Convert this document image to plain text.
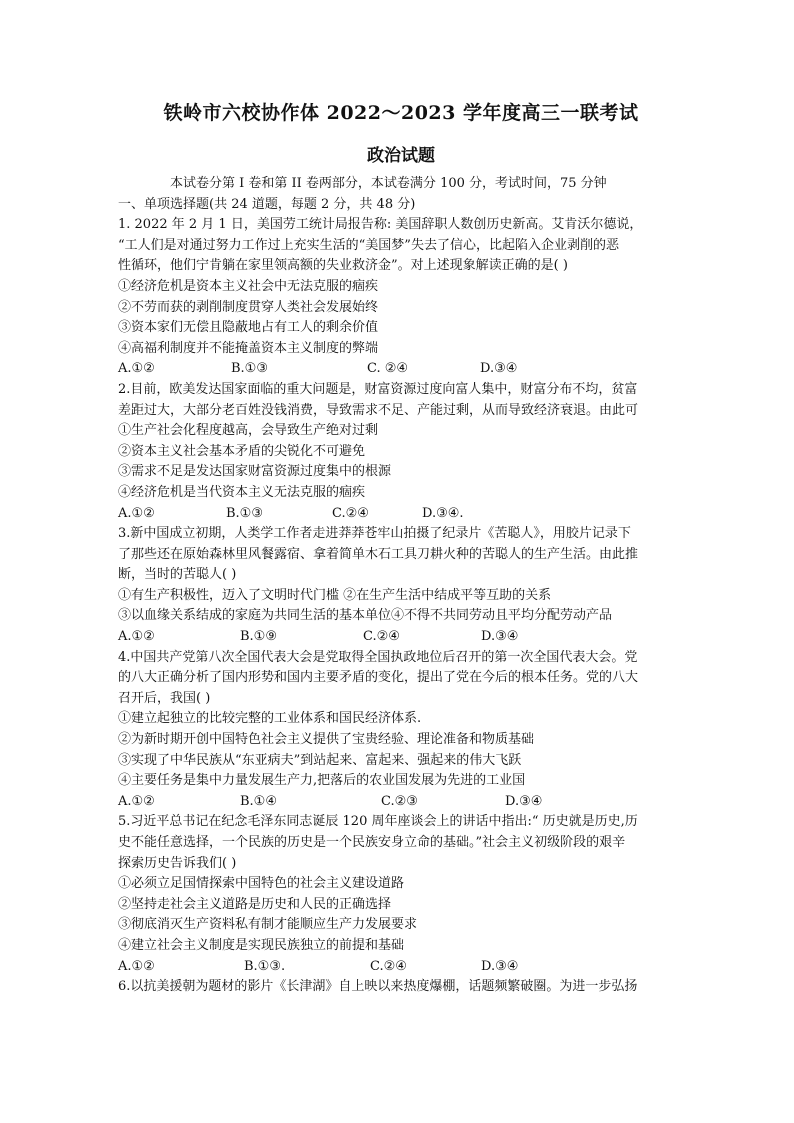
铁岭市六校协作体 2022～2023 学年度高三一联考试
政治试题

本试卷分第 I 卷和第 II 卷两部分，本试卷满分 100 分，考试时间，75 分钟

一、单项选择题(共 24 道题，每题 2 分，共 48 分)

1. 2022 年 2 月 1 日，美国劳工统计局报告称: 美国辞职人数创历史新高。艾肯沃尔德说，

“工人们是对通过努力工作过上充实生活的“美国梦”失去了信心，比起陷入企业剥削的恶

性循环，他们宁肯躺在家里领高额的失业救济金”。对上述现象解读正确的是( )

①经济危机是资本主义社会中无法克服的痼疾

②不劳而获的剥削制度贯穿人类社会发展始终

③资本家们无偿且隐蔽地占有工人的剩余价值

④高福利制度并不能掩盖资本主义制度的弊端

A.①②	B.①③	C. ②④	D.③④

2.目前，欧美发达国家面临的重大问题是，财富资源过度向富人集中，财富分布不均，贫富

差距过大，大部分老百姓没钱消费，导致需求不足、产能过剩，从而导致经济衰退。由此可

①生产社会化程度越高，会导致生产绝对过剩

②资本主义社会基本矛盾的尖锐化不可避免

③需求不足是发达国家财富资源过度集中的根源

④经济危机是当代资本主义无法克服的痼疾

A.①②	B.①③	C.②④	D.③④.

3.新中国成立初期，人类学工作者走进莽莽苍牢山拍摄了纪录片《苦聪人》，用胶片记录下

了那些还在原始森林里风餐露宿、拿着简单木石工具刀耕火种的苦聪人的生产生活。由此推

断，当时的苦聪人( )

①有生产积极性，迈入了文明时代门槛 ②在生产生活中结成平等互助的关系

③以血缘关系结成的家庭为共同生活的基本单位④不得不共同劳动且平均分配劳动产品

A.①②	B.①⑨	C.②④	D.③④

4.中国共产党第八次全国代表大会是党取得全国执政地位后召开的第一次全国代表大会。党

的八大正确分析了国内形势和国内主要矛盾的变化，提出了党在今后的根本任务。党的八大

召开后，我国( )

①建立起独立的比较完整的工业体系和国民经济体系.

②为新时期开创中国特色社会主义提供了宝贵经验、理论准备和物质基础

③实现了中华民族从“东亚病夫”到站起来、富起来、强起来的伟大飞跃

④主要任务是集中力量发展生产力,把落后的农业国发展为先进的工业国

A.①②	B.①④	C.②③	D.③④

5.习近平总书记在纪念毛泽东同志诞辰 120 周年座谈会上的讲话中指出:“ 历史就是历史,历

史不能任意选择，一个民族的历史是一个民族安身立命的基础。”社会主义初级阶段的艰辛

探索历史告诉我们( )

①必须立足国情探索中国特色的社会主义建设道路

②坚持走社会主义道路是历史和人民的正确选择

③彻底消灭生产资料私有制才能顺应生产力发展要求

④建立社会主义制度是实现民族独立的前提和基础

A.①②	B.①③.	C.②④	D.③④

6.以抗美援朝为题材的影片《长津湖》自上映以来热度爆棚，话题频繁破圈。为进一步弘扬
